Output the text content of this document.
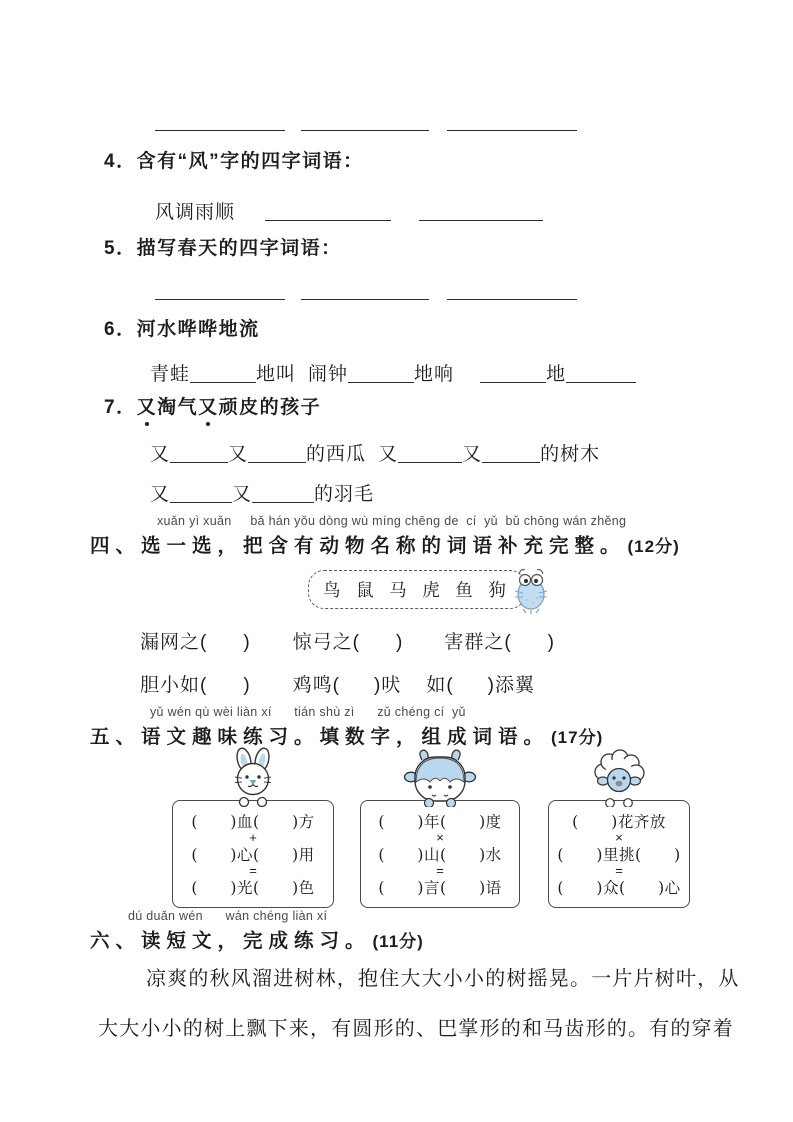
4．含有“风”字的四字词语：
风调雨顺
5．描写春天的四字词语：
6．河水哗哗地流
青蛙	地叫 闹钟	地响	地
7．又淘气又顽皮的孩子
又	又	的西瓜 又	又	的树木
又	又	的羽毛
xuǎn yì xuǎn     bǎ hán yǒu dòng wù míng chēng de  cí  yǔ  bǔ chōng wán zhěng
四、选一选，把含有动物名称的词语补充完整。 (12分)
鸟 鼠 马 虎 鱼 狗
漏网之( ) 惊弓之( ) 害群之( )
胆小如( ) 鸡鸣( )吠 如( )添翼
yǔ wén qù wèi liàn xí      tián shù zì      zǔ chéng cí  yǔ
五、语文趣味练习。填数字，组成词语。 (17分)
(      )血(      )方
+
(      )心(      )用
=
(      )光(      )色
(      )年(      )度
×
(      )山(      )水
=
(      )言(      )语
(      )花齐放
×
(      )里挑(      )
=
(      )众(      )心
dú duǎn wén      wán chéng liàn xí
六、读短文，完成练习。 (11分)
凉爽的秋风溜进树林，抱住大大小小的树摇晃。一片片树叶，从
大大小小的树上飘下来，有圆形的、巴掌形的和马齿形的。有的穿着
